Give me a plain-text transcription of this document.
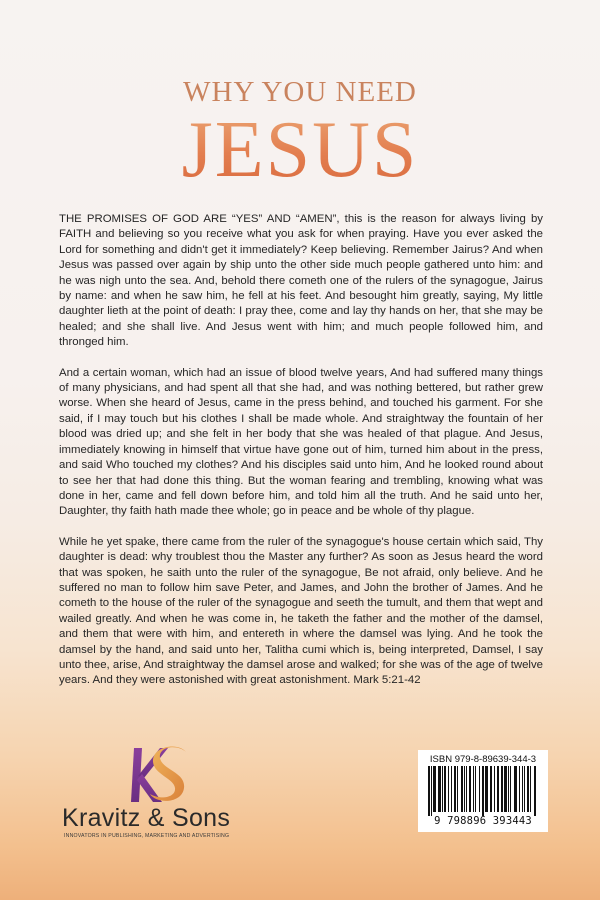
WHY YOU NEED
JESUS

THE PROMISES OF GOD ARE “YES” AND “AMEN”, this is the reason for always living by FAITH and believing so you receive what you ask for when praying. Have you ever asked the Lord for something and didn't get it immediately? Keep believing. Remember Jairus? And when Jesus was passed over again by ship unto the other side much people gathered unto him: and he was nigh unto the sea. And, behold there cometh one of the rulers of the synagogue, Jairus by name: and when he saw him, he fell at his feet. And besought him greatly, saying, My little daughter lieth at the point of death: I pray thee, come and lay thy hands on her, that she may be healed; and she shall live. And Jesus went with him; and much people followed him, and thronged him.

And a certain woman, which had an issue of blood twelve years, And had suffered many things of many physicians, and had spent all that she had, and was nothing bettered, but rather grew worse. When she heard of Jesus, came in the press behind, and touched his garment. For she said, if I may touch but his clothes I shall be made whole. And straightway the fountain of her blood was dried up; and she felt in her body that she was healed of that plague. And Jesus, immediately knowing in himself that virtue have gone out of him, turned him about in the press, and said Who touched my clothes? And his disciples said unto him, And he looked round about to see her that had done this thing. But the woman fearing and trembling, knowing what was done in her, came and fell down before him, and told him all the truth. And he said unto her, Daughter, thy faith hath made thee whole; go in peace and be whole of thy plague.

While he yet spake, there came from the ruler of the synagogue's house certain which said, Thy daughter is dead: why troublest thou the Master any further? As soon as Jesus heard the word that was spoken, he saith unto the ruler of the synagogue, Be not afraid, only believe. And he suffered no man to follow him save Peter, and James, and John the brother of James. And he cometh to the house of the ruler of the synagogue and seeth the tumult, and them that wept and wailed greatly. And when he was come in, he taketh the father and the mother of the damsel, and them that were with him, and entereth in where the damsel was lying. And he took the damsel by the hand, and said unto her, Talitha cumi which is, being interpreted, Damsel, I say unto thee, arise, And straightway the damsel arose and walked; for she was of the age of twelve years. And they were astonished with great astonishment. Mark 5:21-42

Kravitz & Sons
INNOVATORS IN PUBLISHING, MARKETING AND ADVERTISING
ISBN 979-8-89639-344-3
9 798896 393443
